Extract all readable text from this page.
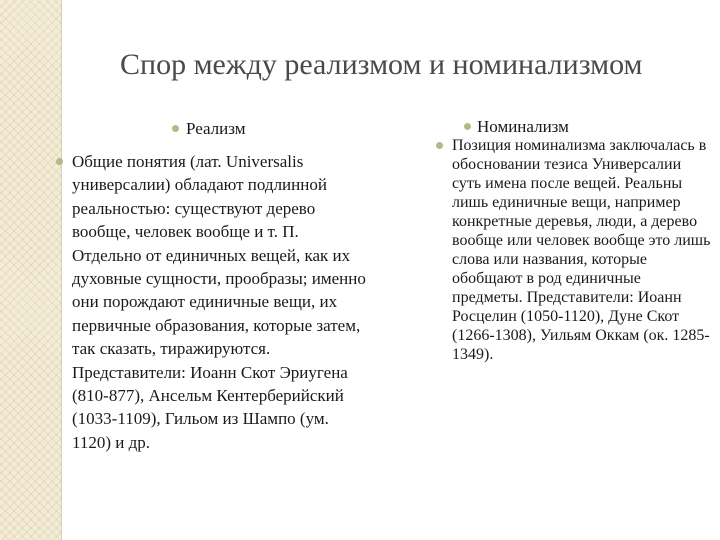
Спор между реализмом и номинализмом
Реализм
Общие понятия (лат. Universalis универсалии) обладают подлинной реальностью: существуют дерево вообще, человек вообще и т. П. Отдельно от единичных вещей, как их духовные сущности, прообразы; именно они порождают единичные вещи, их первичные образования, которые затем, так сказать, тиражируются. Представители: Иоанн Скот Эриугена (810-877), Ансельм Кентерберийский (1033-1109), Гильом из Шампо (ум. 1120) и др.
Номинализм
Позиция номинализма заключалась в обосновании тезиса Универсалии суть имена после вещей. Реальны лишь единичные вещи, например конкретные деревья, люди, а дерево вообще или человек вообще это лишь слова или названия, которые обобщают в род единичные предметы. Представители: Иоанн Росцелин (1050-1120), Дуне Скот (1266-1308), Уильям Оккам (ок. 1285-1349).
